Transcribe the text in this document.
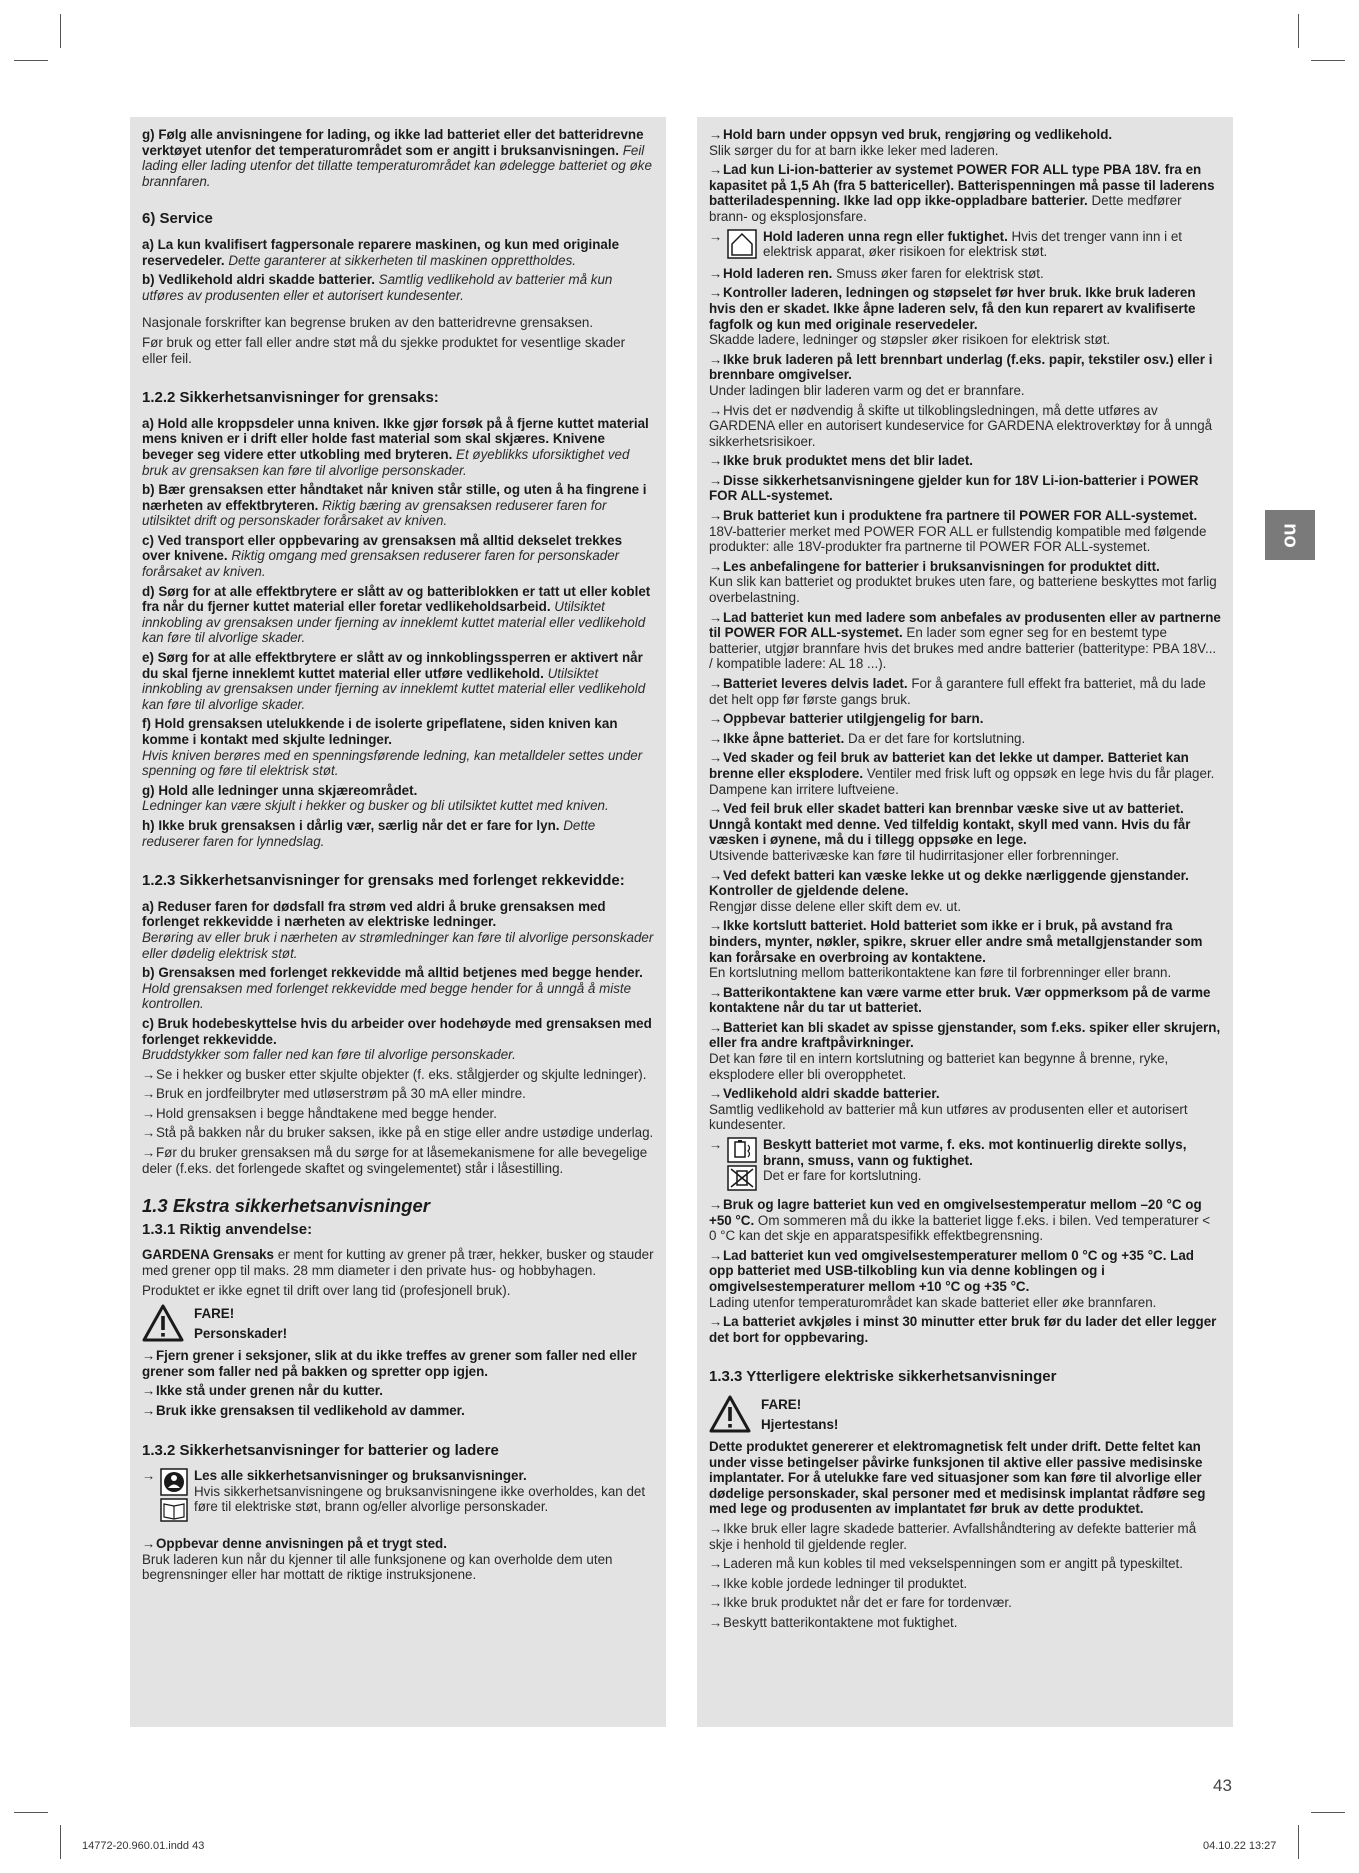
g) Følg alle anvisningene for lading, og ikke lad batteriet eller det batteridrevne verktøyet utenfor det temperaturområdet som er angitt i bruksanvisningen. Feil lading eller lading utenfor det tillatte temperaturområdet kan ødelegge batteriet og øke brannfaren.

6) Service

a) La kun kvalifisert fagpersonale reparere maskinen, og kun med originale reservedeler. Dette garanterer at sikkerheten til maskinen opprettholdes.

b) Vedlikehold aldri skadde batterier. Samtlig vedlikehold av batterier må kun utføres av produsenten eller et autorisert kundesenter.

Nasjonale forskrifter kan begrense bruken av den batteridrevne grensaksen.

Før bruk og etter fall eller andre støt må du sjekke produktet for vesentlige skader eller feil.

1.2.2 Sikkerhetsanvisninger for grensaks:

a) Hold alle kroppsdeler unna kniven. Ikke gjør forsøk på å fjerne kuttet material mens kniven er i drift eller holde fast material som skal skjæres. Knivene beveger seg videre etter utkobling med bryteren. Et øyeblikks uforsiktighet ved bruk av grensaksen kan føre til alvorlige personskader.

b) Bær grensaksen etter håndtaket når kniven står stille, og uten å ha fingrene i nærheten av effektbryteren. Riktig bæring av grensaksen reduserer faren for utilsiktet drift og personskader forårsaket av kniven.

c) Ved transport eller oppbevaring av grensaksen må alltid dekselet trekkes over knivene. Riktig omgang med grensaksen reduserer faren for personskader forårsaket av kniven.

d) Sørg for at alle effektbrytere er slått av og batteriblokken er tatt ut eller koblet fra når du fjerner kuttet material eller foretar vedlikeholdsarbeid. Utilsiktet innkobling av grensaksen under fjerning av inneklemt kuttet material eller vedlikehold kan føre til alvorlige skader.

e) Sørg for at alle effektbrytere er slått av og innkoblingssperren er aktivert når du skal fjerne inneklemt kuttet material eller utføre vedlikehold. Utilsiktet innkobling av grensaksen under fjerning av inneklemt kuttet material eller vedlikehold kan føre til alvorlige skader.

f) Hold grensaksen utelukkende i de isolerte gripeflatene, siden kniven kan komme i kontakt med skjulte ledninger.
Hvis kniven berøres med en spenningsførende ledning, kan metalldeler settes under spenning og føre til elektrisk støt.

g) Hold alle ledninger unna skjæreområdet.
Ledninger kan være skjult i hekker og busker og bli utilsiktet kuttet med kniven.

h) Ikke bruk grensaksen i dårlig vær, særlig når det er fare for lyn. Dette reduserer faren for lynnedslag.

1.2.3 Sikkerhetsanvisninger for grensaks med forlenget rekkevidde:

a) Reduser faren for dødsfall fra strøm ved aldri å bruke grensaksen med forlenget rekkevidde i nærheten av elektriske ledninger.
Berøring av eller bruk i nærheten av strømledninger kan føre til alvorlige personskader eller dødelig elektrisk støt.

b) Grensaksen med forlenget rekkevidde må alltid betjenes med begge hender. Hold grensaksen med forlenget rekkevidde med begge hender for å unngå å miste kontrollen.

c) Bruk hodebeskyttelse hvis du arbeider over hodehøyde med grensaksen med forlenget rekkevidde.
Bruddstykker som faller ned kan føre til alvorlige personskader.

→Se i hekker og busker etter skjulte objekter (f. eks. stålgjerder og skjulte ledninger).

→Bruk en jordfeilbryter med utløserstrøm på 30 mA eller mindre.

→Hold grensaksen i begge håndtakene med begge hender.

→Stå på bakken når du bruker saksen, ikke på en stige eller andre ustødige underlag.

→Før du bruker grensaksen må du sørge for at låsemekanismene for alle bevegelige deler (f.eks. det forlengede skaftet og svingelementet) står i låsestilling.

1.3 Ekstra sikkerhetsanvisninger
1.3.1 Riktig anvendelse:

GARDENA Grensaks er ment for kutting av grener på trær, hekker, busker og stauder med grener opp til maks. 28 mm diameter i den private hus- og hobbyhagen.

Produktet er ikke egnet til drift over lang tid (profesjonell bruk).

FARE!
Personskader!

→Fjern grener i seksjoner, slik at du ikke treffes av grener som faller ned eller grener som faller ned på bakken og spretter opp igjen.

→Ikke stå under grenen når du kutter.

→Bruk ikke grensaksen til vedlikehold av dammer.

1.3.2 Sikkerhetsanvisninger for batterier og ladere
→	Les alle sikkerhetsanvisninger og bruksanvisninger.
Hvis sikkerhetsanvisningene og bruksanvisningene ikke overholdes, kan det føre til elektriske støt, brann og/eller alvorlige personskader.

→Oppbevar denne anvisningen på et trygt sted.
Bruk laderen kun når du kjenner til alle funksjonene og kan overholde dem uten begrensninger eller har mottatt de riktige instruksjonene.

→Hold barn under oppsyn ved bruk, rengjøring og vedlikehold.
Slik sørger du for at barn ikke leker med laderen.

→Lad kun Li-ion-batterier av systemet POWER FOR ALL type PBA 18V. fra en kapasitet på 1,5 Ah (fra 5 battericeller). Batterispenningen må passe til laderens batteriladespenning. Ikke lad opp ikke-oppladbare batterier. Dette medfører brann- og eksplosjonsfare.

→	Hold laderen unna regn eller fuktighet. Hvis det trenger vann inn i et elektrisk apparat, øker risikoen for elektrisk støt.

→Hold laderen ren. Smuss øker faren for elektrisk støt.

→Kontroller laderen, ledningen og støpselet før hver bruk. Ikke bruk laderen hvis den er skadet. Ikke åpne laderen selv, få den kun reparert av kvalifiserte fagfolk og kun med originale reservedeler.
Skadde ladere, ledninger og støpsler øker risikoen for elektrisk støt.

→Ikke bruk laderen på lett brennbart underlag (f.eks. papir, tekstiler osv.) eller i brennbare omgivelser.
Under ladingen blir laderen varm og det er brannfare.

→Hvis det er nødvendig å skifte ut tilkoblingsledningen, må dette utføres av GARDENA eller en autorisert kundeservice for GARDENA elektroverktøy for å unngå sikkerhetsrisikoer.

→Ikke bruk produktet mens det blir ladet.

→Disse sikkerhetsanvisningene gjelder kun for 18V Li-ion-batterier i POWER FOR ALL-systemet.

→Bruk batteriet kun i produktene fra partnere til POWER FOR ALL-systemet.
18V-batterier merket med POWER FOR ALL er fullstendig kompatible med følgende produkter: alle 18V-produkter fra partnerne til POWER FOR ALL-systemet.

→Les anbefalingene for batterier i bruksanvisningen for produktet ditt.
Kun slik kan batteriet og produktet brukes uten fare, og batteriene beskyttes mot farlig overbelastning.

→Lad batteriet kun med ladere som anbefales av produsenten eller av partnerne til POWER FOR ALL-systemet. En lader som egner seg for en bestemt type batterier, utgjør brannfare hvis det brukes med andre batterier (batteritype: PBA 18V... / kompatible ladere: AL 18 ...).

→Batteriet leveres delvis ladet. For å garantere full effekt fra batteriet, må du lade det helt opp før første gangs bruk.

→Oppbevar batterier utilgjengelig for barn.

→Ikke åpne batteriet. Da er det fare for kortslutning.

→Ved skader og feil bruk av batteriet kan det lekke ut damper. Batteriet kan brenne eller eksplodere. Ventiler med frisk luft og oppsøk en lege hvis du får plager. Dampene kan irritere luftveiene.

→Ved feil bruk eller skadet batteri kan brennbar væske sive ut av batteriet. Unngå kontakt med denne. Ved tilfeldig kontakt, skyll med vann. Hvis du får væsken i øynene, må du i tillegg oppsøke en lege.
Utsivende batterivæske kan føre til hudirritasjoner eller forbrenninger.

→Ved defekt batteri kan væske lekke ut og dekke nærliggende gjenstander. Kontroller de gjeldende delene.
Rengjør disse delene eller skift dem ev. ut.

→Ikke kortslutt batteriet. Hold batteriet som ikke er i bruk, på avstand fra binders, mynter, nøkler, spikre, skruer eller andre små metallgjenstander som kan forårsake en overbroing av kontaktene.
En kortslutning mellom batterikontaktene kan føre til forbrenninger eller brann.

→Batterikontaktene kan være varme etter bruk. Vær oppmerksom på de varme kontaktene når du tar ut batteriet.

→Batteriet kan bli skadet av spisse gjenstander, som f.eks. spiker eller skrujern, eller fra andre kraftpåvirkninger.
Det kan føre til en intern kortslutning og batteriet kan begynne å brenne, ryke, eksplodere eller bli overopphetet.

→Vedlikehold aldri skadde batterier.
Samtlig vedlikehold av batterier må kun utføres av produsenten eller et autorisert kundesenter.

→	Beskytt batteriet mot varme, f. eks. mot kontinuerlig direkte sollys, brann, smuss, vann og fuktighet.
Det er fare for kortslutning.

→Bruk og lagre batteriet kun ved en omgivelsestemperatur mellom –20 °C og +50 °C. Om sommeren må du ikke la batteriet ligge f.eks. i bilen. Ved temperaturer < 0 °C kan det skje en apparatspesifikk effektbegrensning.

→Lad batteriet kun ved omgivelsestemperaturer mellom 0 °C og +35 °C. Lad opp batteriet med USB-tilkobling kun via denne koblingen og i omgivelsestemperaturer mellom +10 °C og +35 °C.
Lading utenfor temperaturområdet kan skade batteriet eller øke brannfaren.

→La batteriet avkjøles i minst 30 minutter etter bruk før du lader det eller legger det bort for oppbevaring.

1.3.3 Ytterligere elektriske sikkerhetsanvisninger
FARE!
Hjertestans!

Dette produktet genererer et elektromagnetisk felt under drift. Dette feltet kan under visse betingelser påvirke funksjonen til aktive eller passive medisinske implantater. For å utelukke fare ved situasjoner som kan føre til alvorlige eller dødelige personskader, skal personer med et medisinsk implantat rådføre seg med lege og produsenten av implantatet før bruk av dette produktet.

→Ikke bruk eller lagre skadede batterier. Avfallshåndtering av defekte batterier må skje i henhold til gjeldende regler.

→Laderen må kun kobles til med vekselspenningen som er angitt på typeskiltet.

→Ikke koble jordede ledninger til produktet.

→Ikke bruk produktet når det er fare for tordenvær.

→Beskytt batterikontaktene mot fuktighet.

no
43
14772-20.960.01.indd 43	04.10.22 13:27
